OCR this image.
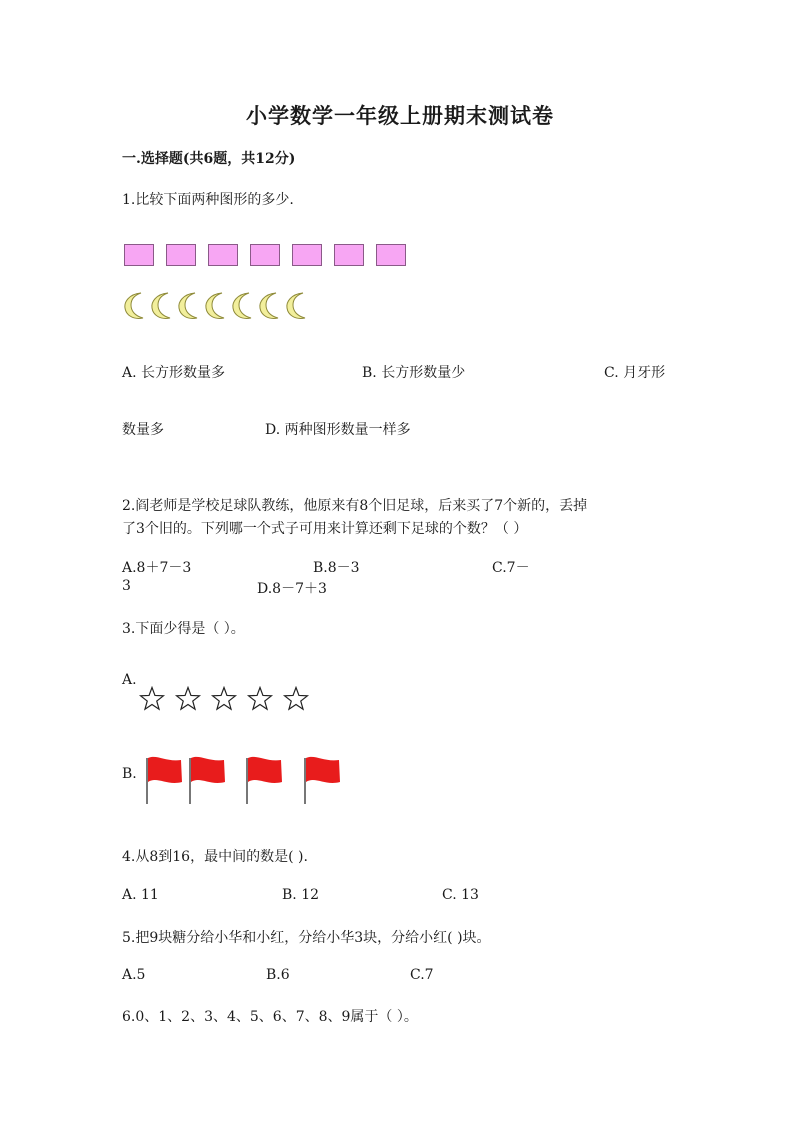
小学数学一年级上册期末测试卷
一.选择题(共6题，共12分)
1.比较下面两种图形的多少.
A. 长方形数量多	B. 长方形数量少	C. 月牙形
数量多	D. 两种图形数量一样多
2.阎老师是学校足球队教练，他原来有8个旧足球，后来买了7个新的，丢掉
了3个旧的。下列哪一个式子可用来计算还剩下足球的个数？（ ）
A.8＋7－3	B.8－3	C.7－
3	D.8－7＋3
3.下面少得是（ ）。
A.
B.
4.从8到16，最中间的数是( ).
A. 11	B. 12	C. 13
5.把9块糖分给小华和小红，分给小华3块，分给小红( )块。
A.5	B.6	C.7
6.0、1、2、3、4、5、6、7、8、9属于（ ）。
